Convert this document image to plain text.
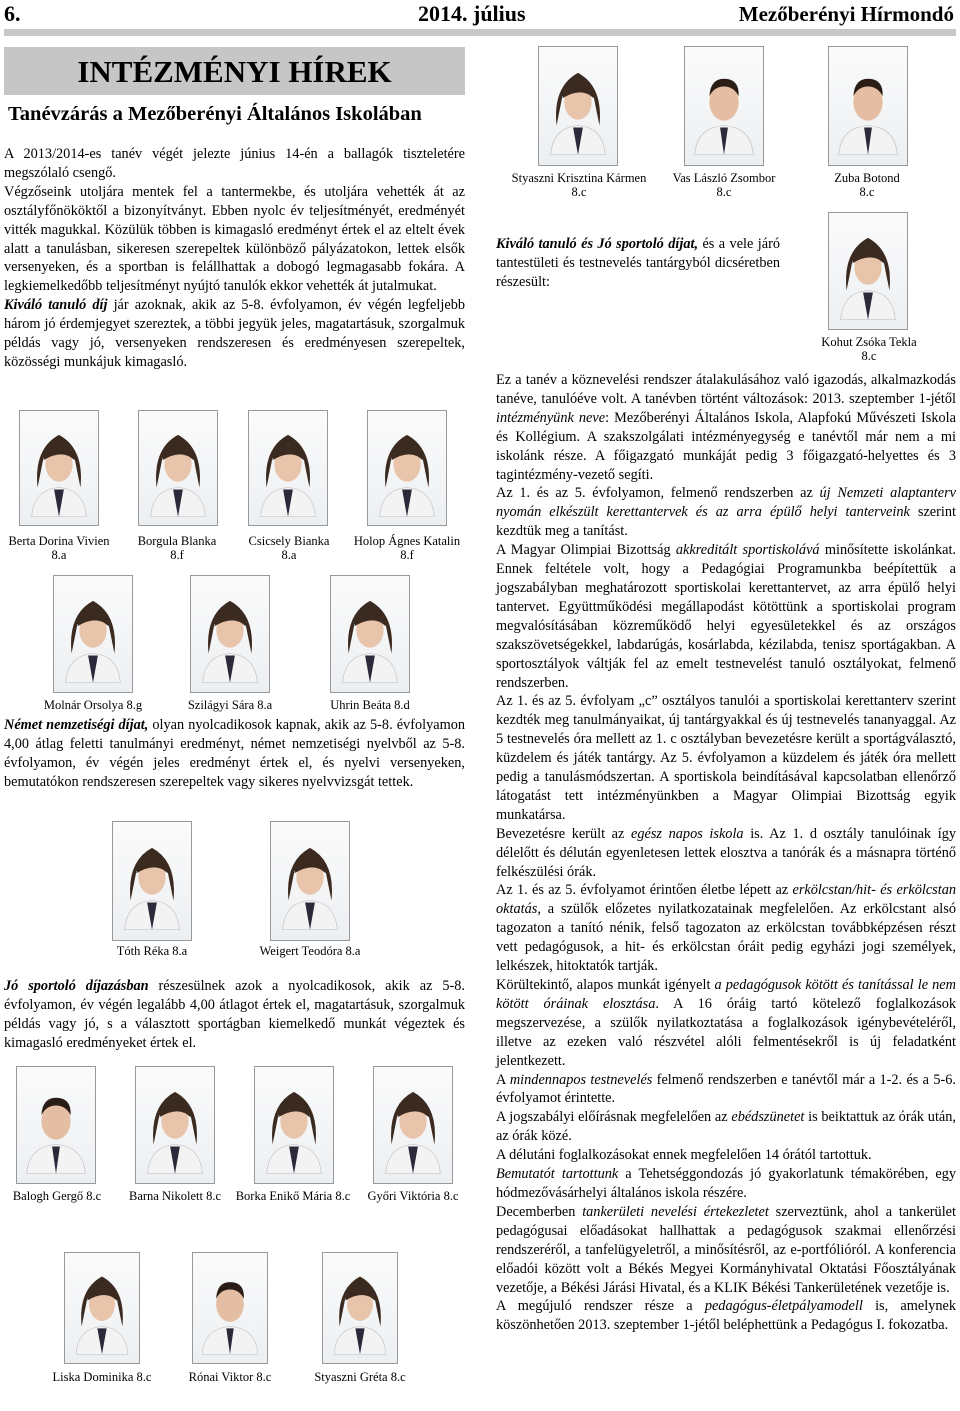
6.	2014. július	Mezőberényi Hírmondó
INTÉZMÉNYI HÍREK
Tanévzárás a Mezőberényi Általános Iskolában

A 2013/2014-es tanév végét jelezte június 14-én a ballagók tiszteletére megszólaló csengő.

Végzőseink utoljára mentek fel a tantermekbe, és utoljára vehették át az osztályfőnököktől a bizonyítványt. Ebben nyolc év teljesítményét, eredményét vitték magukkal. Közülük többen is kimagasló eredményt értek el az eltelt évek alatt a tanulásban, sikeresen szerepeltek különböző pályázatokon, lettek elsők versenyeken, és a sportban is felállhattak a dobogó legmagasabb fokára. A legkiemelkedőbb teljesítményt nyújtó tanulók ekkor vehették át jutalmukat.

Kiváló tanuló díj jár azoknak, akik az 5-8. évfolyamon, év végén legfeljebb három jó érdemjegyet szereztek, a többi jegyük jeles, magatartásuk, szorgalmuk példás vagy jó, versenyeken rendszeresen és eredményesen szerepeltek, közösségi munkájuk kimagasló.

Berta Dorina Vivien
8.a
Borgula Blanka
8.f
Csicsely Bianka
8.a
Holop Ágnes Katalin
8.f
Molnár Orsolya 8.g	Szilágyi Sára 8.a	Uhrin Beáta 8.d

Német nemzetiségi díjat, olyan nyolcadikosok kapnak, akik az 5-8. évfolyamon 4,00 átlag feletti tanulmányi eredményt, német nemzetiségi nyelvből az 5-8. évfolyamon, év végén jeles eredményt értek el, és nyelvi versenyeken, bemutatókon rendszeresen szerepeltek vagy sikeres nyelvvizsgát tettek.

Tóth Réka 8.a	Weigert Teodóra 8.a

Jó sportoló díjazásban részesülnek azok a nyolcadikosok, akik az 5-8. évfolyamon, év végén legalább 4,00 átlagot értek el, magatartásuk, szorgalmuk példás vagy jó, s a választott sportágban kiemelkedő munkát végeztek és kimagasló eredményeket értek el.

Balogh Gergő 8.c	Barna Nikolett 8.c	Borka Enikő Mária 8.c	Győri Viktória 8.c
Liska Dominika 8.c	Rónai Viktor 8.c	Styaszni Gréta 8.c
Styaszni Krisztina Kármen
8.c
Vas László Zsombor
8.c
Zuba Botond
8.c

Kiváló tanuló és Jó sportoló díjat, és a vele járó tantestületi és testnevelés tantárgyból dicséretben részesült:

Kohut Zsóka Tekla
8.c

Ez a tanév a köznevelési rendszer átalakulásához való igazodás, alkalmazkodás tanéve, tanulóéve volt. A tanévben történt változások: 2013. szeptember 1-jétől intézményünk neve: Mezőberényi Általános Iskola, Alapfokú Művészeti Iskola és Kollégium. A szakszolgálati intézményegység e tanévtől már nem a mi iskolánk része. A főigazgató munkáját pedig 3 főigazgató-helyettes és 3 tagintézmény-vezető segíti.

Az 1. és az 5. évfolyamon, felmenő rendszerben az új Nemzeti alaptanterv nyomán elkészült kerettantervek és az arra épülő helyi tanterveink szerint kezdtük meg a tanítást.

A Magyar Olimpiai Bizottság akkreditált sportiskolává minősítette iskolánkat. Ennek feltétele volt, hogy a Pedagógiai Programunkba beépítettük a jogszabályban meghatározott sportiskolai kerettantervet, az arra épülő helyi tantervet. Együttműködési megállapodást kötöttünk a sportiskolai program megvalósításában közreműködő helyi egyesületekkel és az országos szakszövetségekkel, labdarúgás, kosárlabda, kézilabda, tenisz sportágakban. A sportosztályok váltják fel az emelt testnevelést tanuló osztályokat, felmenő rendszerben.

Az 1. és az 5. évfolyam „c” osztályos tanulói a sportiskolai kerettanterv szerint kezdték meg tanulmányaikat, új tantárgyakkal és új testnevelés tananyaggal. Az 5 testnevelés óra mellett az 1. c osztályban bevezetésre került a sportágválasztó, küzdelem és játék tantárgy. Az 5. évfolyamon a küzdelem és játék óra mellett pedig a tanulásmódszertan. A sportiskola beindításával kapcsolatban ellenőrző látogatást tett intézményünkben a Magyar Olimpiai Bizottság egyik munkatársa.

Bevezetésre került az egész napos iskola is. Az 1. d osztály tanulóinak így délelőtt és délután egyenletesen lettek elosztva a tanórák és a másnapra történő felkészülési órák.

Az 1. és az 5. évfolyamot érintően életbe lépett az erkölcstan/hit- és erkölcstan oktatás, a szülők előzetes nyilatkozatainak megfelelően. Az erkölcstant alsó tagozaton a tanító nénik, felső tagozaton az erkölcstan továbbképzésen részt vett pedagógusok, a hit- és erkölcstan óráit pedig egyházi jogi személyek, lelkészek, hitoktatók tartják.

Körültekintő, alapos munkát igényelt a pedagógusok kötött és tanítással le nem kötött óráinak elosztása. A 16 óráig tartó kötelező foglalkozások megszervezése, a szülők nyilatkoztatása a foglalkozások igénybevételéről, illetve az ezeken való részvétel alóli felmentésekről is új feladatként jelentkezett.

A mindennapos testnevelés felmenő rendszerben e tanévtől már a 1-2. és a 5-6. évfolyamot érintette.

A jogszabályi előírásnak megfelelően az ebédszünetet is beiktattuk az órák után, az órák közé.

A délutáni foglalkozásokat ennek megfelelően 14 órától tartottuk.

Bemutatót tartottunk a Tehetséggondozás jó gyakorlatunk témakörében, egy hódmezővásárhelyi általános iskola részére.

Decemberben tankerületi nevelési értekezletet szerveztünk, ahol a tankerület pedagógusai előadásokat hallhattak a pedagógusok szakmai ellenőrzési rendszeréről, a tanfelügyeletről, a minősítésről, az e-portfólióról. A konferencia előadói között volt a Békés Megyei Kormányhivatal Oktatási Főosztályának vezetője, a Békési Járási Hivatal, és a KLIK Békési Tankerületének vezetője is.

A megújuló rendszer része a pedagógus-életpályamodell is, amelynek köszönhetően 2013. szeptember 1-jétől beléphettünk a Pedagógus I. fokozatba.
